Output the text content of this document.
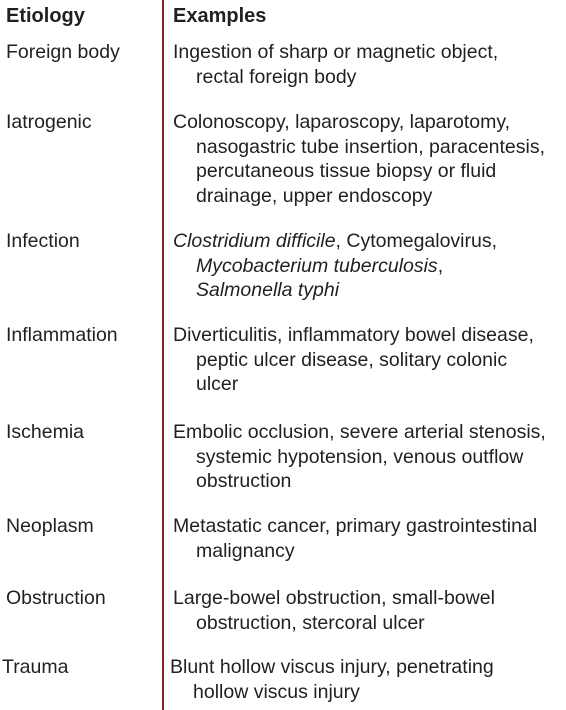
Etiology	Examples
Foreign body	Ingestion of sharp or magnetic object,
rectal foreign body
Iatrogenic	Colonoscopy, laparoscopy, laparotomy,
nasogastric tube insertion, paracentesis,
percutaneous tissue biopsy or fluid
drainage, upper endoscopy
Infection	Clostridium difficile, Cytomegalovirus,
Mycobacterium tuberculosis,
Salmonella typhi
Inflammation	Diverticulitis, inflammatory bowel disease,
peptic ulcer disease, solitary colonic
ulcer
Ischemia	Embolic occlusion, severe arterial stenosis,
systemic hypotension, venous outflow
obstruction
Neoplasm	Metastatic cancer, primary gastrointestinal
malignancy
Obstruction	Large-bowel obstruction, small-bowel
obstruction, stercoral ulcer
Trauma	Blunt hollow viscus injury, penetrating
hollow viscus injury
